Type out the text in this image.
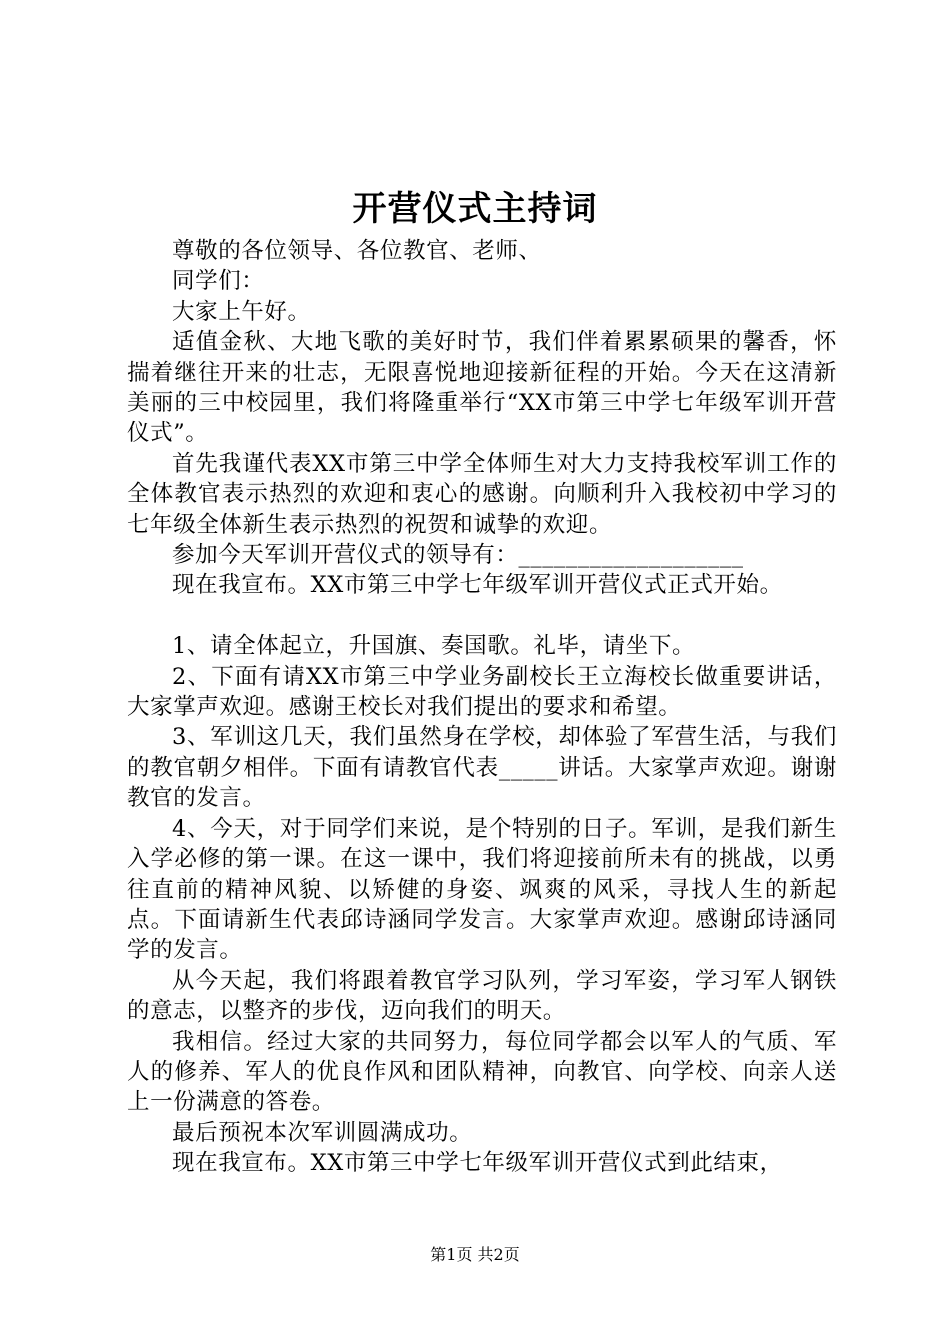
开营仪式主持词

尊敬的各位领导、各位教官、老师、

同学们：

大家上午好。

适值金秋、大地飞歌的美好时节，我们伴着累累硕果的馨香，怀揣着继往开来的壮志，无限喜悦地迎接新征程的开始。今天在这清新美丽的三中校园里，我们将隆重举行“XX市第三中学七年级军训开营仪式”。

首先我谨代表XX市第三中学全体师生对大力支持我校军训工作的全体教官表示热烈的欢迎和衷心的感谢。向顺利升入我校初中学习的七年级全体新生表示热烈的祝贺和诚挚的欢迎。

参加今天军训开营仪式的领导有：___________________

现在我宣布。XX市第三中学七年级军训开营仪式正式开始。

1、请全体起立，升国旗、奏国歌。礼毕，请坐下。

2、下面有请XX市第三中学业务副校长王立海校长做重要讲话，大家掌声欢迎。感谢王校长对我们提出的要求和希望。

3、军训这几天，我们虽然身在学校，却体验了军营生活，与我们的教官朝夕相伴。下面有请教官代表_____讲话。大家掌声欢迎。谢谢教官的发言。

4、今天，对于同学们来说，是个特别的日子。军训，是我们新生入学必修的第一课。在这一课中，我们将迎接前所未有的挑战，以勇往直前的精神风貌、以矫健的身姿、飒爽的风采，寻找人生的新起点。下面请新生代表邱诗涵同学发言。大家掌声欢迎。感谢邱诗涵同学的发言。

从今天起，我们将跟着教官学习队列，学习军姿，学习军人钢铁的意志，以整齐的步伐，迈向我们的明天。

我相信。经过大家的共同努力，每位同学都会以军人的气质、军人的修养、军人的优良作风和团队精神，向教官、向学校、向亲人送上一份满意的答卷。

最后预祝本次军训圆满成功。

现在我宣布。XX市第三中学七年级军训开营仪式到此结束，

第1页 共2页
